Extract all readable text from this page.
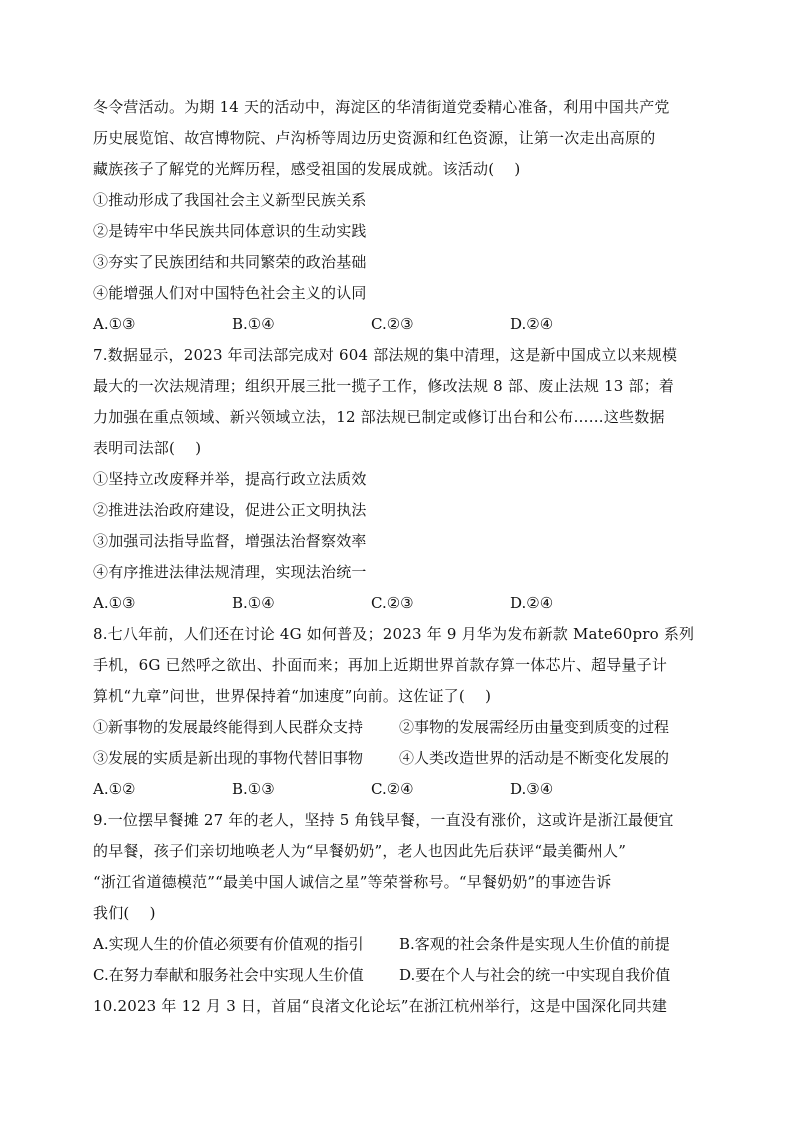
冬令营活动。为期 14 天的活动中，海淀区的华清街道党委精心准备，利用中国共产党
历史展览馆、故宫博物院、卢沟桥等周边历史资源和红色资源，让第一次走出高原的
藏族孩子了解党的光辉历程，感受祖国的发展成就。该活动(　 )
①推动形成了我国社会主义新型民族关系
②是铸牢中华民族共同体意识的生动实践
③夯实了民族团结和共同繁荣的政治基础
④能增强人们对中国特色社会主义的认同
A.①③	B.①④	C.②③	D.②④
7.数据显示，2023 年司法部完成对 604 部法规的集中清理，这是新中国成立以来规模
最大的一次法规清理；组织开展三批一揽子工作，修改法规 8 部、废止法规 13 部；着
力加强在重点领域、新兴领域立法，12 部法规已制定或修订出台和公布……这些数据
表明司法部(　 )
①坚持立改废释并举，提高行政立法质效
②推进法治政府建设，促进公正文明执法
③加强司法指导监督，增强法治督察效率
④有序推进法律法规清理，实现法治统一
A.①③	B.①④	C.②③	D.②④
8.七八年前，人们还在讨论 4G 如何普及；2023 年 9 月华为发布新款 Mate60pro 系列
手机，6G 已然呼之欲出、扑面而来；再加上近期世界首款存算一体芯片、超导量子计
算机“九章”问世，世界保持着“加速度”向前。这佐证了(　 )
①新事物的发展最终能得到人民群众支持 ②事物的发展需经历由量变到质变的过程
③发展的实质是新出现的事物代替旧事物 ④人类改造世界的活动是不断变化发展的
A.①②	B.①③	C.②④	D.③④
9.一位摆早餐摊 27 年的老人，坚持 5 角钱早餐，一直没有涨价，这或许是浙江最便宜
的早餐，孩子们亲切地唤老人为“早餐奶奶”，老人也因此先后获评“最美衢州人”
“浙江省道德模范”“最美中国人诚信之星”等荣誉称号。“早餐奶奶”的事迹告诉
我们(　 )
A.实现人生的价值必须要有价值观的指引 B.客观的社会条件是实现人生价值的前提
C.在努力奉献和服务社会中实现人生价值 D.要在个人与社会的统一中实现自我价值
10.2023 年 12 月 3 日，首届“良渚文化论坛”在浙江杭州举行，这是中国深化同共建
